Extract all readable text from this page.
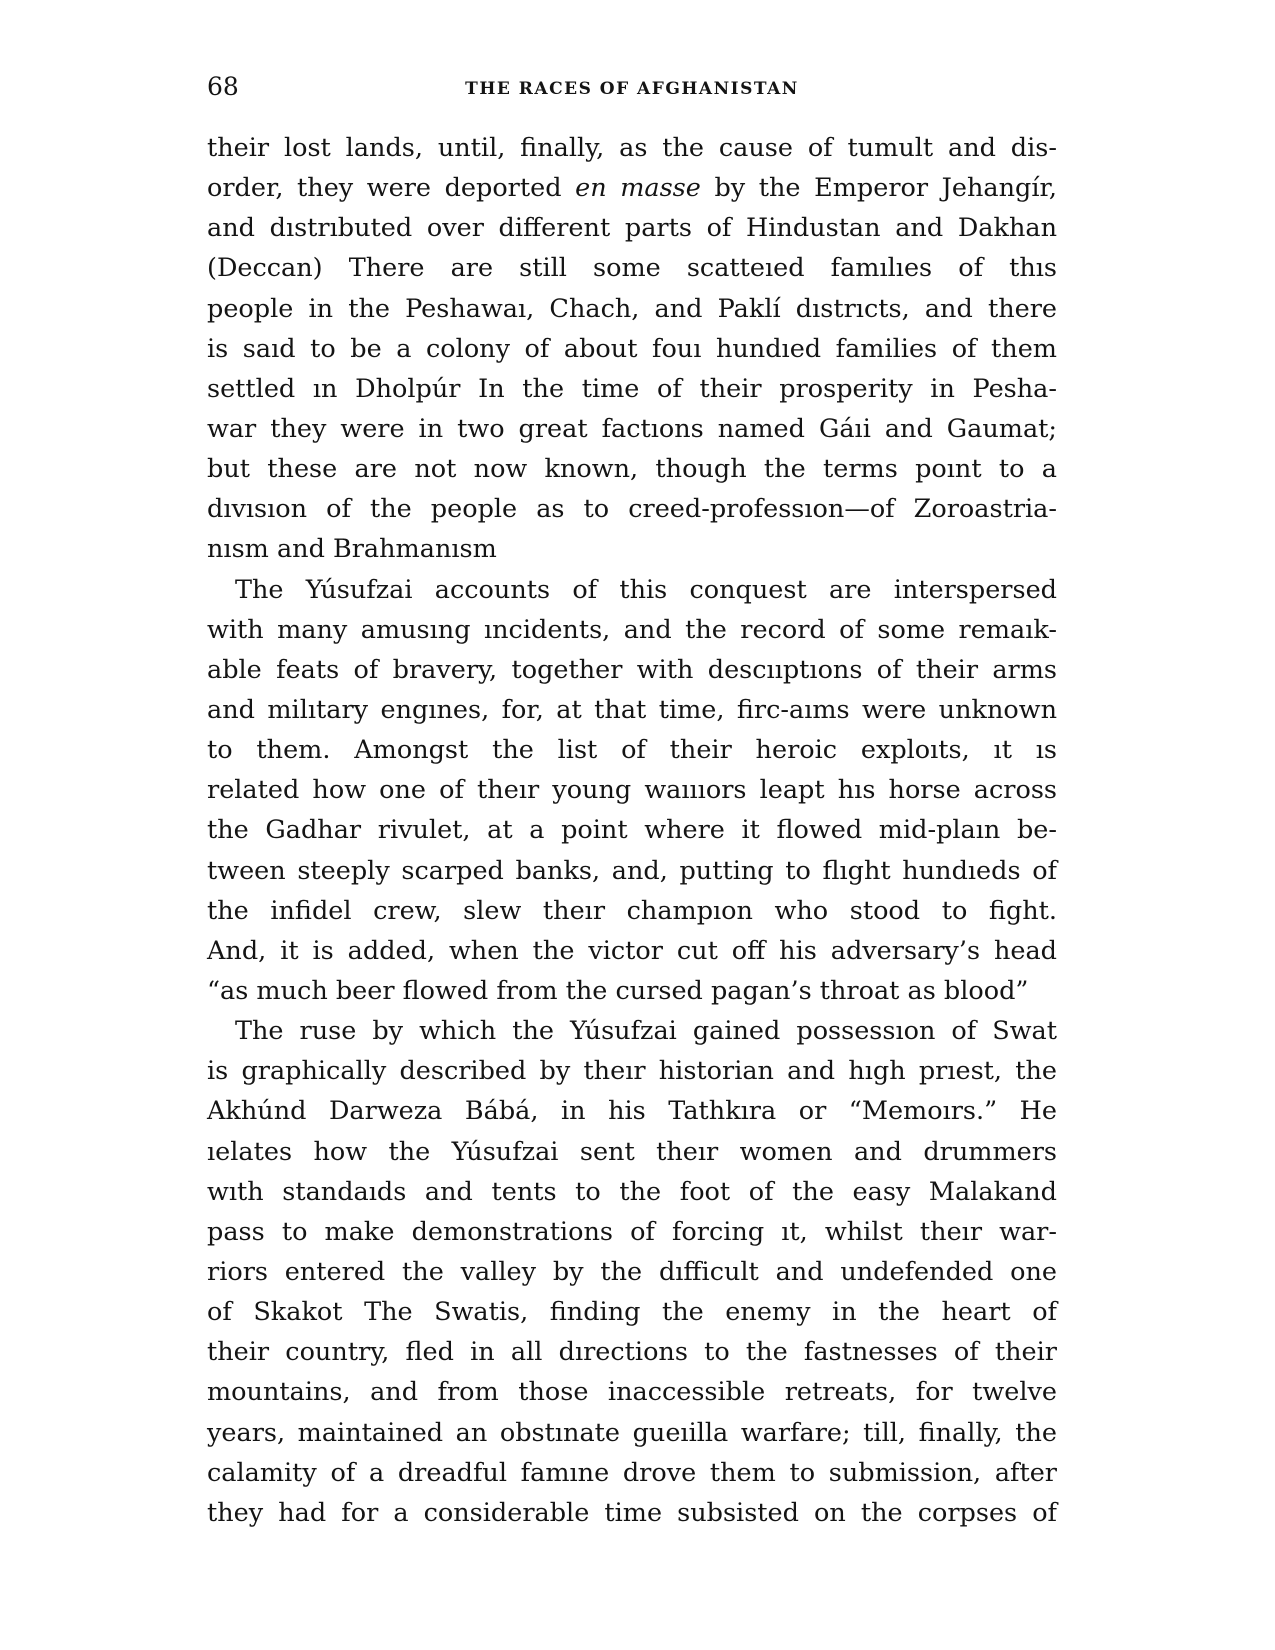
68	THE RACES OF AFGHANISTAN
their lost lands, until, finally, as the cause of tumult and dis-
order, they were deported en masse by the Emperor Jehangír,
and dıstrıbuted over different parts of Hindustan and Dakhan
(Deccan) There are still some scatteıed famılıes of thıs
people in the Peshawaı, Chach, and Paklí dıstrıcts, and there
is saıd to be a colony of about fouı hundıed families of them
settled ın Dholpúr In the time of their prosperity in Pesha-
war they were in two great factıons named Gáıi and Gaumat;
but these are not now known, though the terms poınt to a
dıvısıon of the people as to creed-professıon—of Zoroastria-
nısm and Brahmanısm
The Yúsufzai accounts of this conquest are interspersed
with many amusıng ıncidents, and the record of some remaık-
able feats of bravery, together with descııptıons of their arms
and milıtary engınes, for, at that time, firc-aıms were unknown
to them. Amongst the list of their heroic exploıts, ıt ıs
related how one of theır young waıııors leapt hıs horse across
the Gadhar rivulet, at a point where it flowed mid-plaın be-
tween steeply scarped banks, and, putting to flıght hundıeds of
the infidel crew, slew theır champıon who stood to fight.
And, it is added, when the victor cut off his adversary’s head
“as much beer flowed from the cursed pagan’s throat as blood”
The ruse by which the Yúsufzai gained possessıon of Swat
is graphically described by theır historian and hıgh prıest, the
Akhúnd Darweza Bábá, in his Tathkıra or “Memoırs.” He
ıelates how the Yúsufzai sent theır women and drummers
wıth standaıds and tents to the foot of the easy Malakand
pass to make demonstrations of forcing ıt, whilst theır war-
riors entered the valley by the dıfficult and undefended one
of Skakot The Swatis, finding the enemy in the heart of
their country, fled in all dırections to the fastnesses of their
mountains, and from those inaccessible retreats, for twelve
years, maintained an obstınate gueıilla warfare; till, finally, the
calamity of a dreadful famıne drove them to submission, after
they had for a considerable time subsisted on the corpses of
